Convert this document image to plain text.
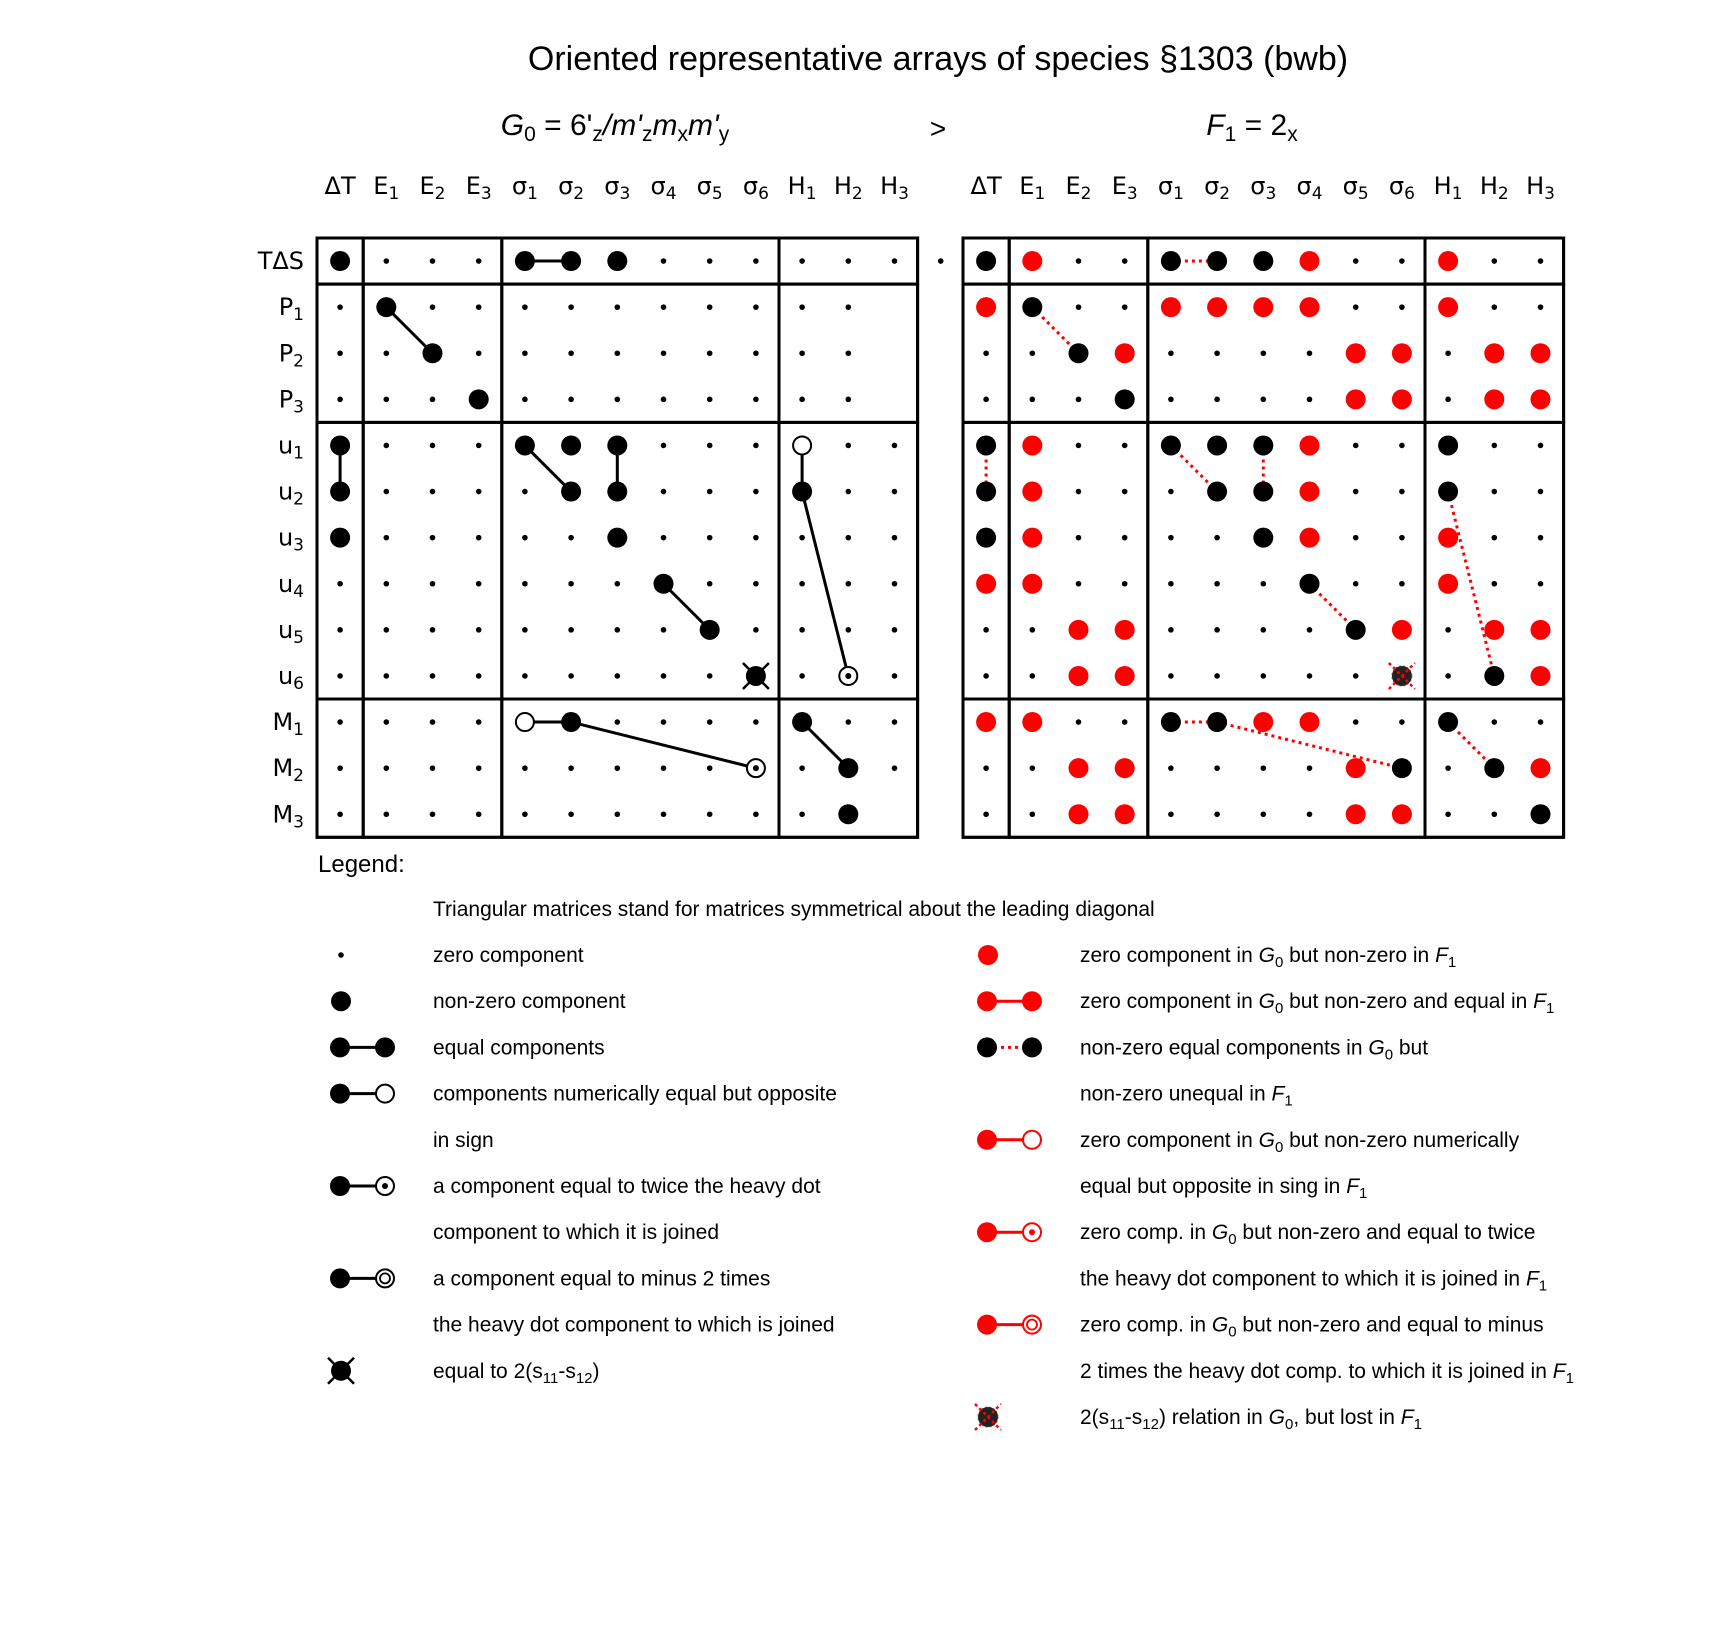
Oriented representative arrays of species §1303 (bwb)
G0 = 6'z/m'zmxm'y	>	F1 = 2x
ΔT E1 E2 E3 σ1 σ2 σ3 σ4 σ5 σ6 H1 H2 H3
TΔS
P1
P2
P3
u1
u2
u3
u4
u5
u6
M1
M2
M3
ΔT E1 E2 E3 σ1 σ2 σ3 σ4 σ5 σ6 H1 H2 H3
Legend:
Triangular matrices stand for matrices symmetrical about the leading diagonal
zero component
non-zero component
equal components
components numerically equal but opposite
in sign
a component equal to twice the heavy dot
component to which it is joined
a component equal to minus 2 times
the heavy dot component to which is joined
equal to 2(s11-s12)
zero component in G0 but non-zero in F1
zero component in G0 but non-zero and equal in F1
non-zero equal components in G0 but
non-zero unequal in F1
zero component in G0 but non-zero numerically
equal but opposite in sing in F1
zero comp. in G0 but non-zero and equal to twice
the heavy dot component to which it is joined in F1
zero comp. in G0 but non-zero and equal to minus
2 times the heavy dot comp. to which it is joined in F1
2(s11-s12) relation in G0, but lost in F1
